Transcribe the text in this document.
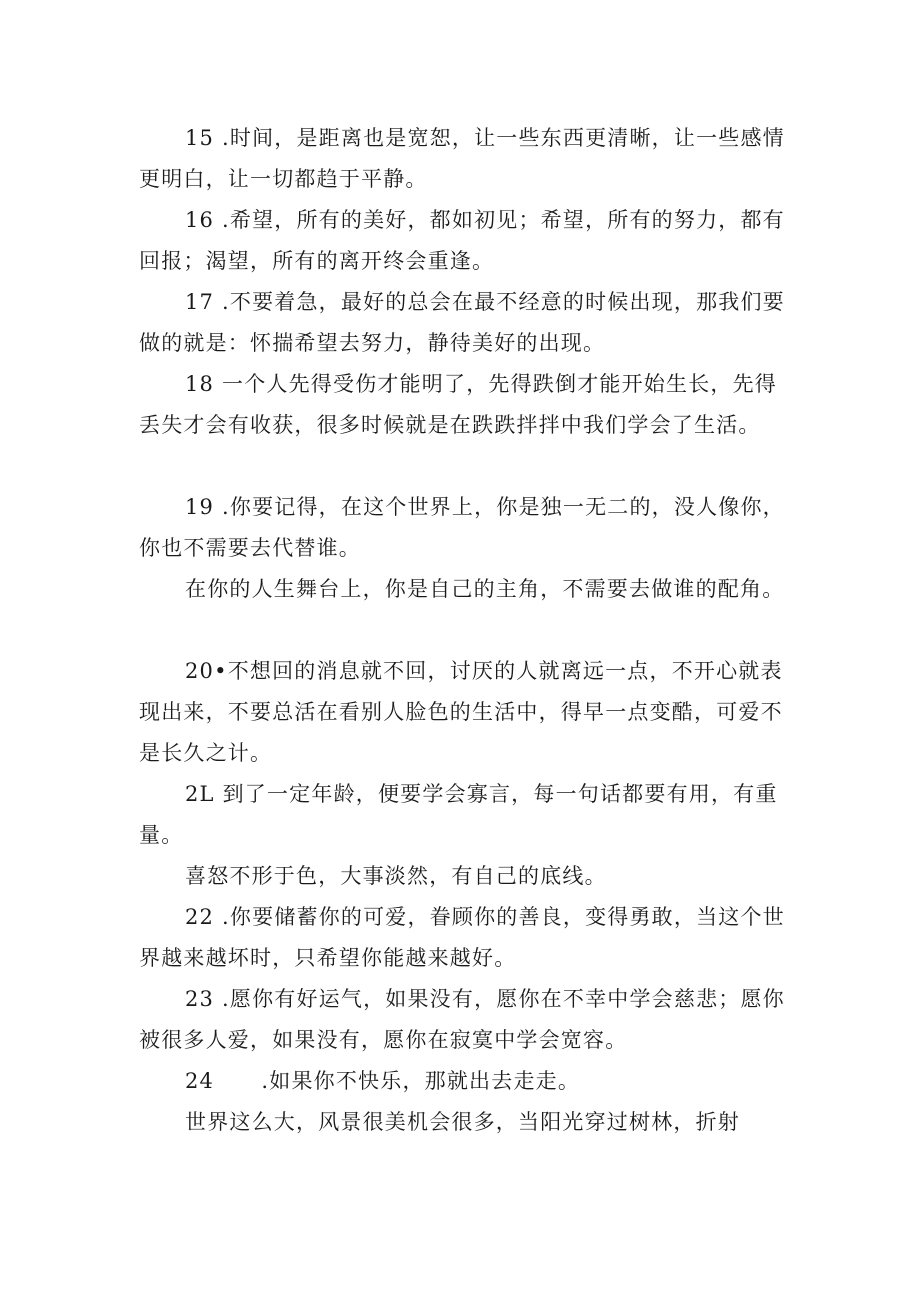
15 .时间，是距离也是宽恕，让一些东西更清晰，让一些感情更明白，让一切都趋于平静。

16 .希望，所有的美好，都如初见；希望，所有的努力，都有回报；渴望，所有的离开终会重逢。

17 .不要着急，最好的总会在最不经意的时候出现，那我们要做的就是：怀揣希望去努力，静待美好的出现。

18 一个人先得受伤才能明了，先得跌倒才能开始生长，先得丢失才会有收获，很多时候就是在跌跌拌拌中我们学会了生活。

19 .你要记得，在这个世界上，你是独一无二的，没人像你，你也不需要去代替谁。

在你的人生舞台上，你是自己的主角，不需要去做谁的配角。

20•不想回的消息就不回，讨厌的人就离远一点，不开心就表现出来，不要总活在看别人脸色的生活中，得早一点变酷，可爱不是长久之计。

2L 到了一定年龄，便要学会寡言，每一句话都要有用，有重量。

喜怒不形于色，大事淡然，有自己的底线。

22 .你要储蓄你的可爱，眷顾你的善良，变得勇敢，当这个世界越来越坏时，只希望你能越来越好。

23 .愿你有好运气，如果没有，愿你在不幸中学会慈悲；愿你被很多人爱，如果没有，愿你在寂寞中学会宽容。

24      .如果你不快乐，那就出去走走。

世界这么大，风景很美机会很多，当阳光穿过树林，折射
